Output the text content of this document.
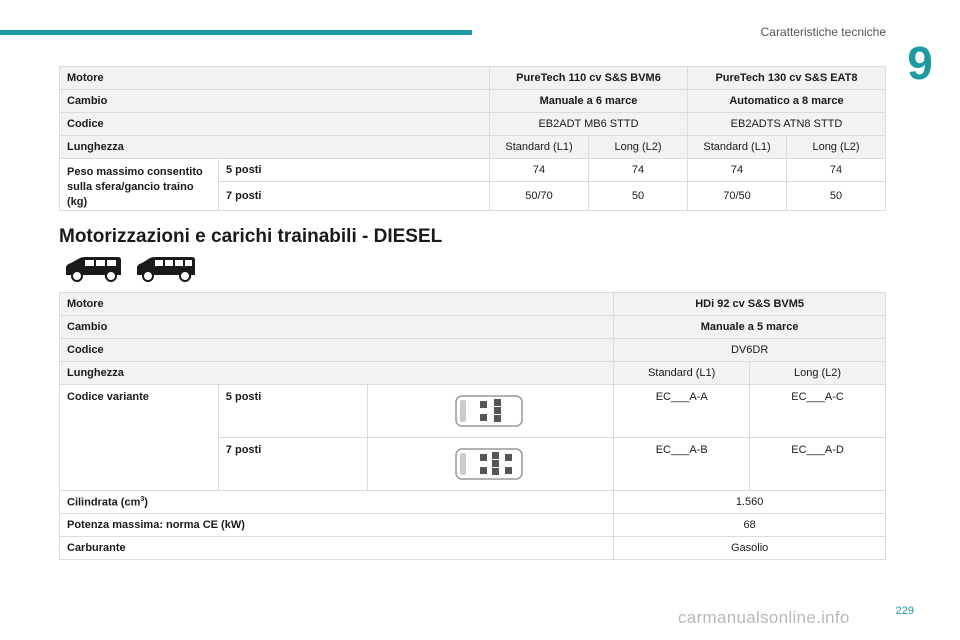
Caratteristiche tecniche
9
Motore		PureTech 110 cv S&S BVM6		PureTech 130 cv S&S EAT8	
Cambio		Manuale a 6 marce		Automatico a 8 marce	
Codice		EB2ADT MB6 STTD		EB2ADTS ATN8 STTD	
Lunghezza		Standard (L1)	Long (L2)	Standard (L1)	Long (L2)
Peso massimo consentito sulla sfera/gancio traino (kg)	5 posti	74	74	74	74
	7 posti	50/70	50	70/50	50
Motorizzazioni e carichi trainabili - DIESEL
Motore			HDi 92 cv S&S BVM5	
Cambio			Manuale a 5 marce	
Codice			DV6DR	
Lunghezza			Standard (L1)	Long (L2)
Codice variante	5 posti		EC___A-A	EC___A-C
	7 posti		EC___A-B	EC___A-D
Cilindrata $(cm^3)$			1.560	
Potenza massima: norma CE (kW)			68	
Carburante			Gasolio	
229
carmanualsonline.info
